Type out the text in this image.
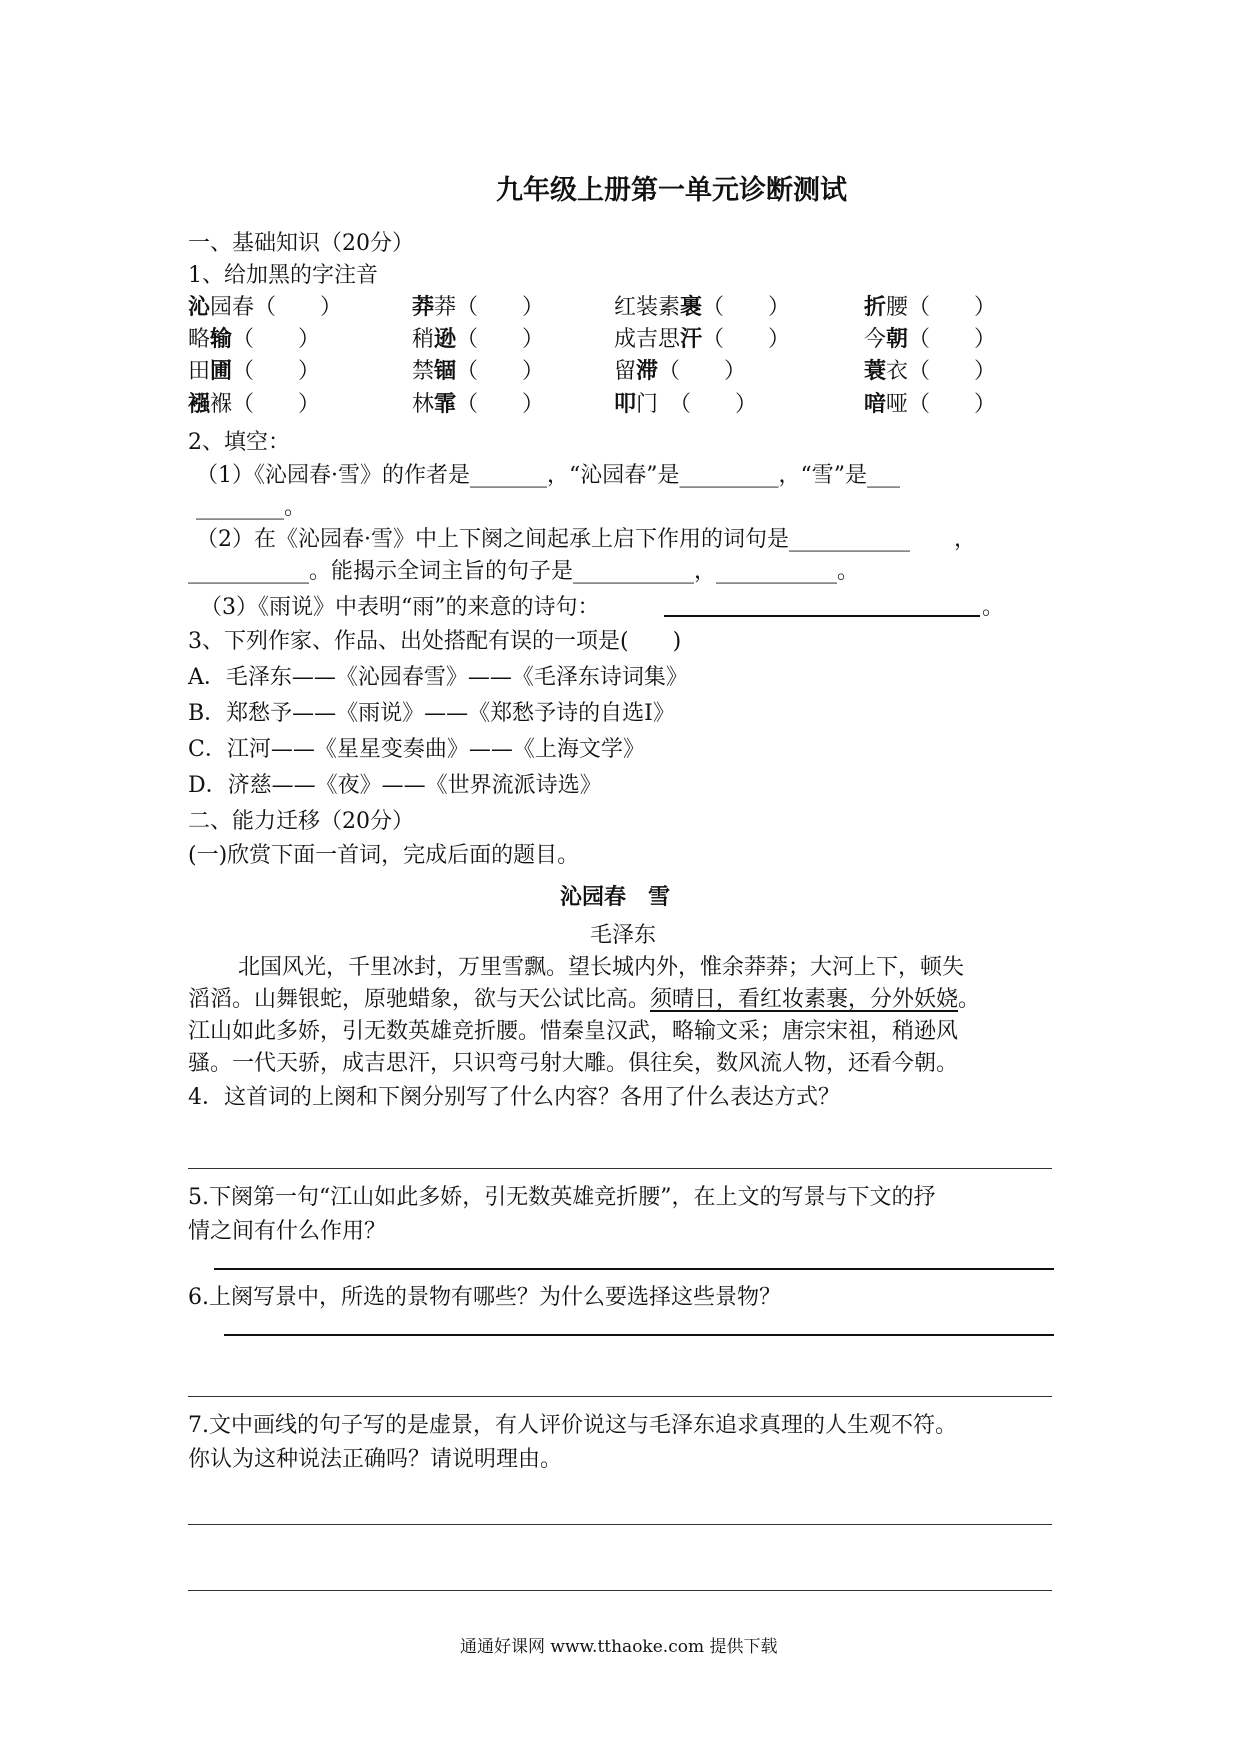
九年级上册第一单元诊断测试
一、基础知识（20分）
1、给加黑的字注音
沁园春（　　）	莽莽（　　）	红装素裹（　　）	折腰（　　）
略输（　　）	稍逊（　　）	成吉思汗（　　）	今朝（　　）
田圃（　　）	禁锢（　　）	留滞（　　）	蓑衣（　　）
襁褓（　　）	林霏（　　）	叩门　（　　）	喑哑（　　）
2、填空：
（1）《沁园春·雪》的作者是_______，“沁园春”是_________，“雪”是___
________。
（2）在《沁园春·雪》中上下阕之间起承上启下作用的词句是___________　　，
___________。能揭示全词主旨的句子是___________，___________。
（3）《雨说》中表明“雨”的来意的诗句：	。
3、下列作家、作品、出处搭配有误的一项是(　　)
A．毛泽东——《沁园春雪》——《毛泽东诗词集》
B．郑愁予——《雨说》——《郑愁予诗的自选Ⅰ》
C．江河——《星星变奏曲》——《上海文学》
D．济慈——《夜》——《世界流派诗选》
二、能力迁移（20分）
(一)欣赏下面一首词，完成后面的题目。
沁园春　雪
毛泽东
北国风光，千里冰封，万里雪飘。望长城内外，惟余莽莽；大河上下，顿失
滔滔。山舞银蛇，原驰蜡象，欲与天公试比高。须晴日，看红妆素裹，分外妖娆。
江山如此多娇，引无数英雄竞折腰。惜秦皇汉武，略输文采；唐宗宋祖，稍逊风
骚。一代天骄，成吉思汗，只识弯弓射大雕。俱往矣，数风流人物，还看今朝。
4．这首词的上阕和下阕分别写了什么内容？各用了什么表达方式？
5.下阕第一句“江山如此多娇，引无数英雄竞折腰”，在上文的写景与下文的抒
情之间有什么作用？
6.上阕写景中，所选的景物有哪些？为什么要选择这些景物？
7.文中画线的句子写的是虚景，有人评价说这与毛泽东追求真理的人生观不符。
你认为这种说法正确吗？请说明理由。
通通好课网 www.tthaoke.com 提供下载
